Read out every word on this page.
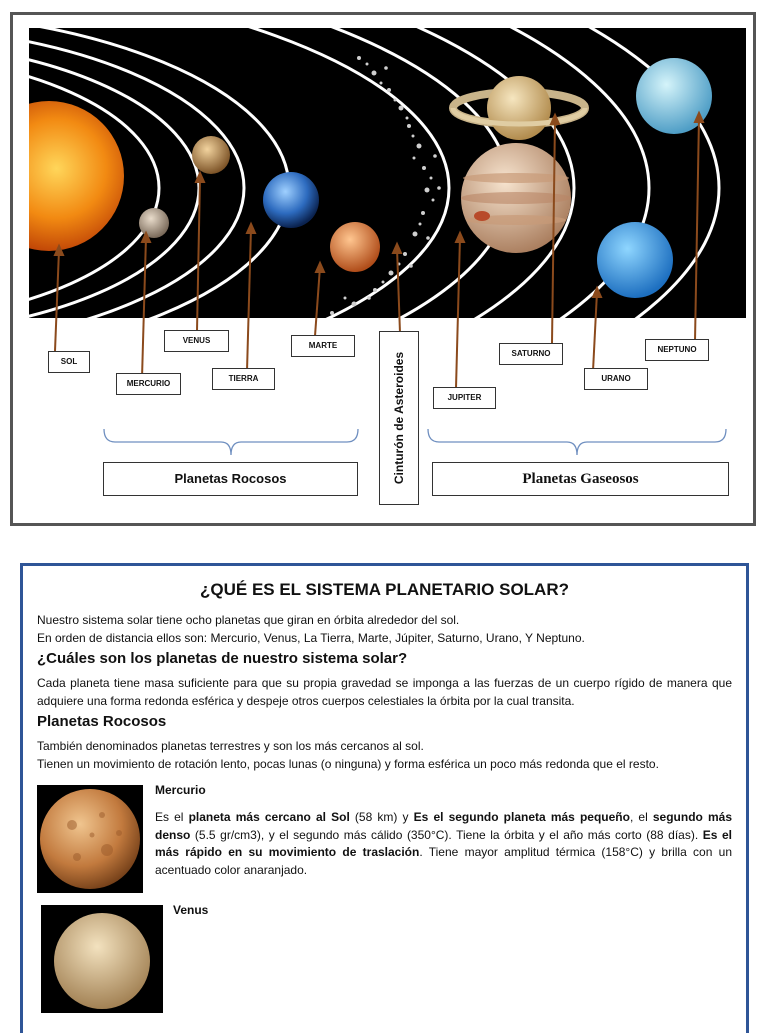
SOL
MERCURIO
VENUS
TIERRA
MARTE
JUPITER
SATURNO
URANO
NEPTUNO
Cinturón de Asteroides
Planetas Rocosos	Planetas Gaseosos
¿QUÉ ES EL SISTEMA PLANETARIO SOLAR?

Nuestro sistema solar tiene ocho planetas que giran en órbita alrededor del sol.

En orden de distancia ellos son: Mercurio, Venus, La Tierra, Marte, Júpiter, Saturno, Urano, Y Neptuno.

¿Cuáles son los planetas de nuestro sistema solar?

Cada planeta tiene masa suficiente para que su propia gravedad se imponga a las fuerzas de un cuerpo rígido de manera que adquiere una forma redonda esférica y despeje otros cuerpos celestiales la órbita por la cual transita.

Planetas Rocosos

También denominados planetas terrestres y son los más cercanos al sol.

Tienen un movimiento de rotación lento, pocas lunas (o ninguna) y forma esférica un poco más redonda que el resto.

Mercurio

Es el planeta más cercano al Sol (58 km) y Es el segundo planeta más pequeño, el segundo más denso (5.5 gr/cm3), y el segundo más cálido (350°C). Tiene la órbita y el año más corto (88 días). Es el más rápido en su movimiento de traslación. Tiene mayor amplitud térmica (158°C) y brilla con un acentuado color anaranjado.

Venus
